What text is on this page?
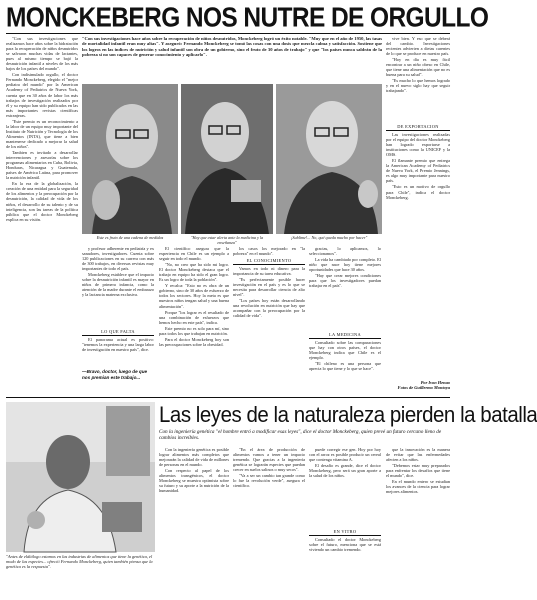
MONCKEBERG NOS NUTRE DE ORGULLO

"Con sus investigaciones que realizamos hace años sobre la hidratación para la recuperación de niños desnutridos se salvaron muchas vidas de lactantes, pues al mismo tiempo se bajó la desnutrición infantil a niveles de los más bajos de los países del mundo".

Con indisimulado orgullo, el doctor Fernando Monckeberg, elegido el "mejor pediatra del mundo" por la American Academy of Pediatrics de Nueva York, cuenta que en 30 años de labor los más trabajos de investigación realizados por él y su equipo han sido publicados en las más importantes revistas científicas extranjeras.

"Este premio es un reconocimiento a la labor de un equipo muy importante del Instituto de Nutrición y Tecnología de los Alimentos (INTA), que tiene a bien mantenerse dedicado a mejorar la salud de los niños".

Tambien es invitado a desarrollar intervenciones y asesorías sobre los programas alimentarios en Cuba, Bolivia, Honduras, Nicaragua y Guatemala, países de América Latina, para promover la nutrición infantil.

En la era de la globalización, la creación de una entidad para la seguridad de los alimentos y la preocupación por la desnutrición, la calidad de vida de los niños, el desarrollo de su talento y de su inteligencia, son las tareas de la política pública que el doctor Monckeberg explica en su visión.

"Con sus investigaciones hace años sobre la recuperación de niños desnutridos, Monckeberg logró un éxito notable. "Muy que en el año de 1950, las tasas de mortalidad infantil eran muy altas". Y aseguró: Fernando Monckeberg se tomó las cosas con una dosis que mezcla calma y satisfacción. Sostiene que los logros en las índices de nutrición y salud infantil son obra de un gobierno, sino el fruto de 30 años de trabajo" y que "los países nunca saldrán de la pobreza si no son capaces de generar conocimiento y aplicarlo".
Este es fruto de una cadena de medidas	"Hay que estar alerta ante la medicina y la enseñanza"
¡Sublime!... No, qué queda mucho por hacer"

y profesor adherente en pediatría y ex sanadores, investigadores. Cuenta sobre 120 publicaciones en su carrera con más de 300 trabajos, en diversas revistas muy importantes de todo el país.

Monckeberg establece que el impacto sobre la desnutrición infantil es mayor en niños de primera infancia, como la atención de la madre durante el embarazo y la lactancia materna exclusiva.

LO QUE FALTA

El panorama actual es positivo: "tenemos la experiencia y una larga labor de investigación en nuestro país", dice.

—Bravo, doctor, luego de que nos premian este trabajo...

El científico asegura que la experiencia en Chile es un ejemplo a seguir en todo el mundo.

"No, no creo que ha sido mi logro. El doctor Monckeberg destaca que el trabajo en equipo ha sido el gran logro. Es un logro de toda la población".

Y recalca: "Esto no es obra de un gobierno, sino de 30 años de esfuerzo de todos los sectores. Hoy la meta es que nuestros niños tengan salud y una buena alimentación".

Porque "los lograr es el resultado de una combinación de esfuerzos que hemos hecho en este país", indica.

Este premio no es solo para mí, sino para todos los que trabajan en nutrición.

Para el doctor Monckeberg hoy son las preocupaciones sobre la obesidad.

los casos los mejorado en "la pobreza" en el mundo".

EL CONOCIMIENTO

Vamos en todo ni dinero para la importancia de su tarea educativa.

"Es perfectamente posible hacer investigación en el país y es lo que se necesita para desarrollar ciencia de alto nivel".

"Los países hoy están desarrollando una revolución en nutrición que hay que acompañar con la preocupación por la calidad de vida".

gracias, lo aplicamos, lo seleccionamos".

La vida ha cambiado por completo. El niño que nace hoy tiene mejores oportunidades que hace 30 años.

"Hay que crear mejores condiciones para que los investigadores puedan trabajar en el país".

LA MEDICINA

Consultado sobre las comparaciones que hay con otros países, el doctor Monckeberg indica que Chile es el ejemplo.

"El chileno es una persona que aprecia lo que tiene y lo que se hace".

vive bien. Y eso que se deberá del cambio. Investigaciones recientes advierten a dietas carentes de lo que se produce en nuestro país.

"Hoy en día es muy fácil encontrar a un niño obeso en Chile, que tiene una alimentación que no es buena para su salud".

"Es mucho lo que hemos logrado y en el nuevo siglo hay que seguir trabajando".

DE EXPORTACION

Las investigaciones realizadas por el equipo del doctor Monckeberg han logrado exportarse a instituciones como la UNICEF y la OMS.

El flamante premio que entrega la American Academy of Pediatrics de Nueva York, el Premio Jennings, es algo muy importante para nuestro país.

"Esto es un motivo de orgullo para Chile", indica el doctor Monckeberg.

Por Ivon Henao
Fotos de Guillermo Montoya
"Antes de eldiálogo estamos en las industrias de alimentos que tiene la genética, el modo de las especies... ofreció Fernando Monckeberg, quien también piensa que la genética es la respuesta".
Las leyes de la naturaleza pierden la batalla
Con la ingeniería genética "el hombre entró a modificar esas leyes", dice el doctor Monckeberg, quien prevé un futuro cercano lleno de cambios increíbles.

Con la ingeniería genética es posible lograr alimentos más completos que mejorarán la calidad de vida de millones de personas en el mundo.

Con respecto al papel de los alimentos transgénicos, el doctor Monckeberg se muestra optimista sobre su futuro y su aporte a la nutrición de la humanidad.

"En el área de producción de alimentos vamos a tener un impacto tremendo. Que gracias a la ingeniería genética se lograrán especies que puedan crecer en suelos salinos o muy secos".

"Va a ser un cambio tan grande como lo fue la revolución verde", asegura el científico.

puede corregir ese gen. Hoy por hoy con el arroz es posible producir un cereal que contenga vitamina A.

El desafío es grande, dice el doctor Monckeberg, pero será un gran aporte a la salud de los niños.

EN VITRO

Consultado el doctor Monckeberg sobre el futuro, menciona que se está viviendo un cambio tremendo.

que la innovación es la manera de evitar que las enfermedades afecten a los niños.

"Debemos estar muy preparados para enfrentar los desafíos que tiene el mundo", dice.

En el mundo entero se estudian los avances de la ciencia para lograr mejores alimentos.
